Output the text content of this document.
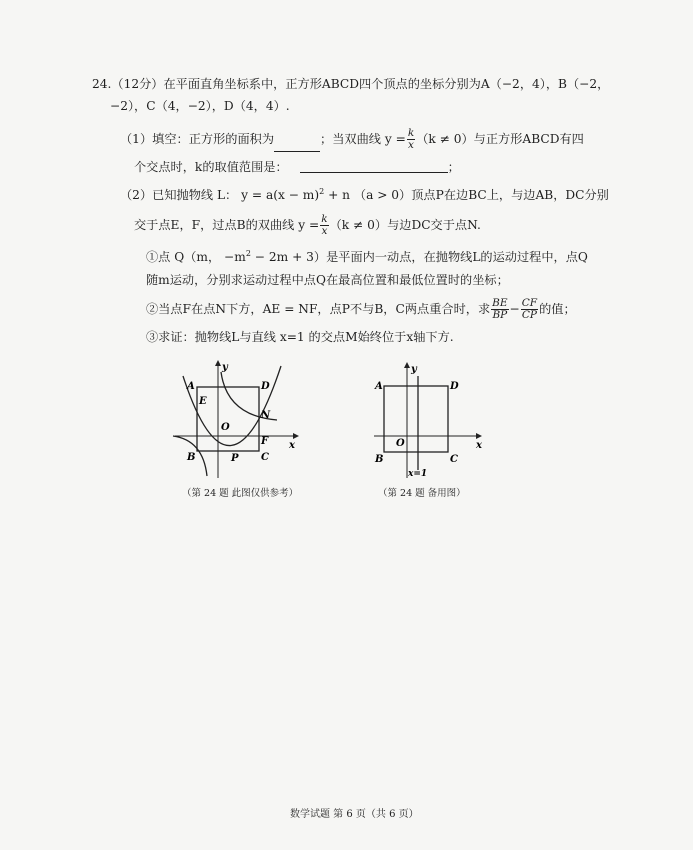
24.（12分）在平面直角坐标系中，正方形ABCD四个顶点的坐标分别为A（−2，4），B（−2，
−2），C（4，−2），D（4，4）.
（1）填空：正方形的面积为	；当双曲线 $y = \frac{k}{x} (k \ne 0)$与正方形ABCD有四
个交点时，k的取值范围是：	；
（2）已知抛物线 L： $y = a(x - m)^2 + n$ （a > 0）顶点P在边BC上，与边AB，DC分别
交于点E，F，过点B的双曲线 $y = \frac{k}{x} (k \ne 0)$与边DC交于点N.
①点 Q（m， $-m^2 - 2m + 3$）是平面内一动点，在抛物线L的运动过程中，点Q
随m运动，分别求运动过程中点Q在最高位置和最低位置时的坐标；
②当点F在点N下方，AE = NF，点P不与B，C两点重合时，求 $\frac{BE}{BP} - \frac{CF}{CP}$ 的值；
③求证：抛物线L与直线 x=1 的交点M始终位于x轴下方.
A	D
E
N
O
F
B	P C
x
y
（第 24 题 此图仅供参考）
A	D
O
B	C
x
y
x=1
（第 24 题 备用图）
数学试题 第 6 页（共 6 页）
